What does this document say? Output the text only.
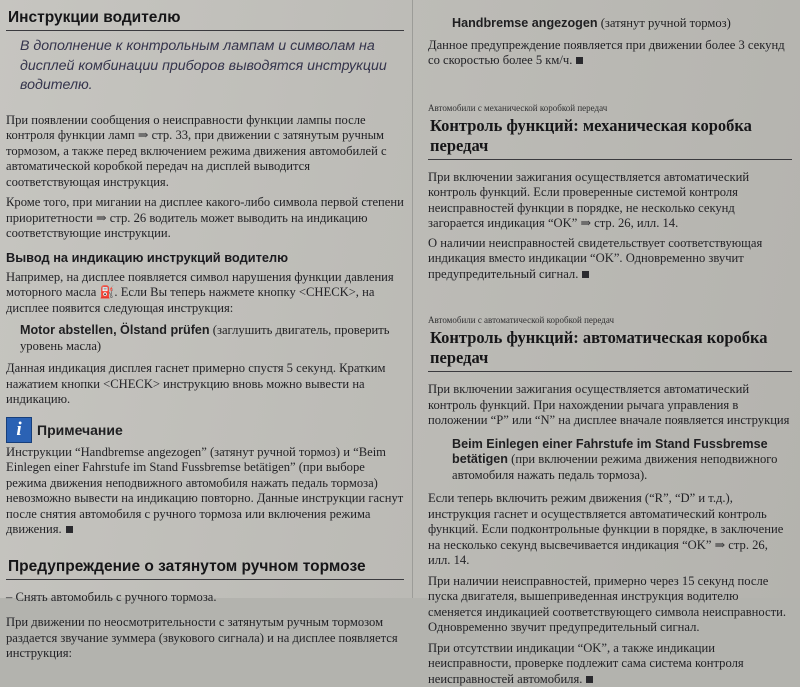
Инструкции водителю

В дополнение к контрольным лампам и символам на дисплей комбинации приборов выводятся инструкции водителю.

При появлении сообщения о неисправности функции лампы после контроля функции ламп ⇒ стр. 33, при движении с затянутым ручным тормозом, а также перед включением режима движения автомобилей с автоматической коробкой передач на дисплей выводится соответствующая инструкция.

Кроме того, при мигании на дисплее какого-либо символа первой степени приоритетности ⇒ стр. 26 водитель может выводить на индикацию соответствующие инструкции.

Вывод на индикацию инструкций водителю

Например, на дисплее появляется символ нарушения функции давления моторного масла ⛽. Если Вы теперь нажмете кнопку <CHECK>, на дисплее появится следующая инструкция:

Motor abstellen, Ölstand prüfen (заглушить двигатель, проверить уровень масла)

Данная индикация дисплея гаснет примерно спустя 5 секунд. Кратким нажатием кнопки <CHECK> инструкцию вновь можно вывести на индикацию.

i Примечание

Инструкции “Handbremse angezogen” (затянут ручной тормоз) и “Beim Einlegen einer Fahrstufe im Stand Fussbremse betätigen” (при выборе режима движения неподвижного автомобиля нажать педаль тормоза) невозможно вывести на индикацию повторно. Данные инструкции гаснут после снятия автомобиля с ручного тормоза или включения режима движения.

Предупреждение о затянутом ручном тормозе

– Снять автомобиль с ручного тормоза.

При движении по неосмотрительности с затянутым ручным тормозом раздается звучание зуммера (звукового сигнала) и на дисплее появляется инструкция:

Handbremse angezogen (затянут ручной тормоз)

Данное предупреждение появляется при движении более 3 секунд со скоростью более 5 км/ч.

Автомобили с механической коробкой передач

Контроль функций: механическая коробка передач

При включении зажигания осуществляется автоматический контроль функций. Если проверенные системой контроля неисправностей функции в порядке, не несколько секунд загорается индикация “OK” ⇒ стр. 26, илл. 14.

О наличии неисправностей свидетельствует соответствующая индикация вместо индикации “OK”. Одновременно звучит предупредительный сигнал.

Автомобили с автоматической коробкой передач

Контроль функций: автоматическая коробка передач

При включении зажигания осуществляется автоматический контроль функций. При нахождении рычага управления в положении “P” или “N” на дисплее вначале появляется инструкция

Beim Einlegen einer Fahrstufe im Stand Fussbremse betätigen (при включении режима движения неподвижного автомобиля нажать педаль тормоза).

Если теперь включить режим движения (“R”, “D” и т.д.), инструкция гаснет и осуществляется автоматический контроль функций. Если подконтрольные функции в порядке, в заключение на несколько секунд высвечивается индикация “OK” ⇒ стр. 26, илл. 14.

При наличии неисправностей, примерно через 15 секунд после пуска двигателя, вышеприведенная инструкция водителю сменяется индикацией соответствующего символа неисправности. Одновременно звучит предупредительный сигнал.

При отсутствии индикации “OK”, а также индикации неисправности, проверке подлежит сама система контроля неисправностей автомобиля.
